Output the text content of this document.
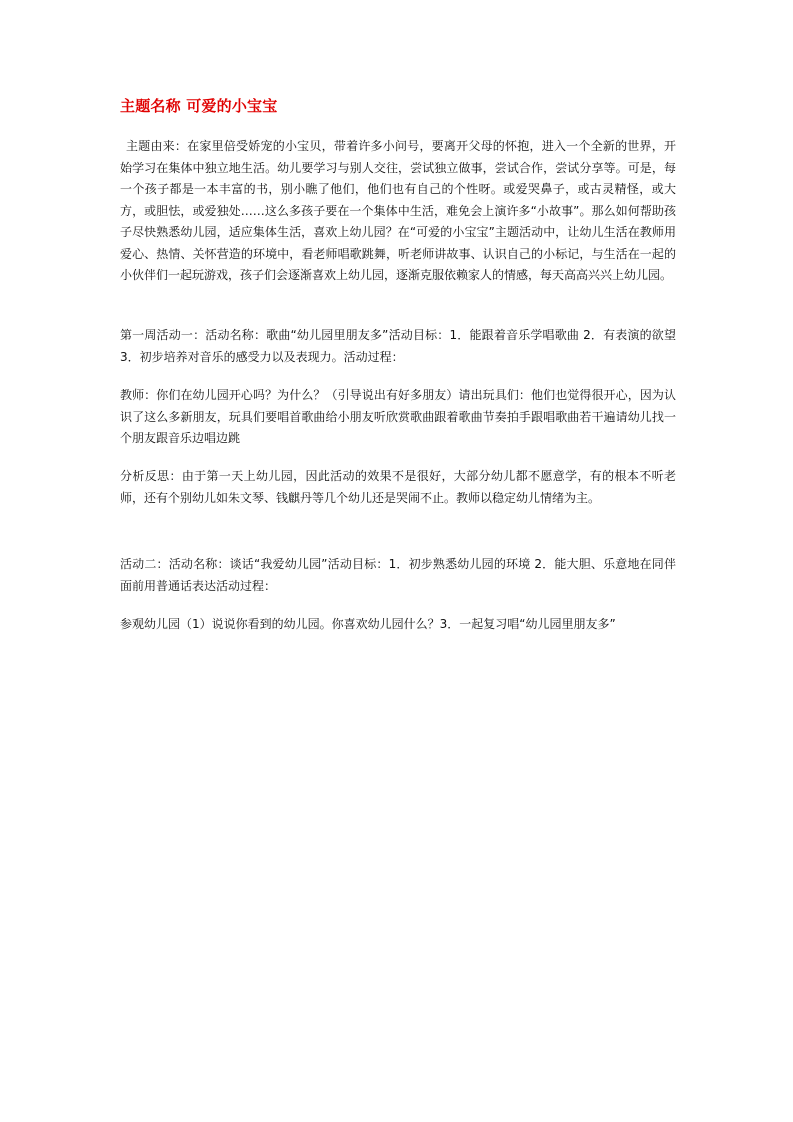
主题名称 可爱的小宝宝

主题由来：在家里倍受娇宠的小宝贝，带着许多小问号，要离开父母的怀抱，进入一个全新的世界，开始学习在集体中独立地生活。幼儿要学习与别人交往，尝试独立做事，尝试合作，尝试分享等。可是，每一个孩子都是一本丰富的书，别小瞧了他们，他们也有自己的个性呀。或爱哭鼻子，或古灵精怪，或大方，或胆怯，或爱独处……这么多孩子要在一个集体中生活，难免会上演许多“小故事”。那么如何帮助孩子尽快熟悉幼儿园，适应集体生活，喜欢上幼儿园？在“可爱的小宝宝”主题活动中，让幼儿生活在教师用爱心、热情、关怀营造的环境中，看老师唱歌跳舞，听老师讲故事、认识自己的小标记，与生活在一起的小伙伴们一起玩游戏，孩子们会逐渐喜欢上幼儿园，逐渐克服依赖家人的情感，每天高高兴兴上幼儿园。

第一周活动一：活动名称：歌曲“幼儿园里朋友多”活动目标：1．能跟着音乐学唱歌曲 2．有表演的欲望 3．初步培养对音乐的感受力以及表现力。活动过程：

教师：你们在幼儿园开心吗？为什么？（引导说出有好多朋友）请出玩具们：他们也觉得很开心，因为认识了这么多新朋友，玩具们要唱首歌曲给小朋友听欣赏歌曲跟着歌曲节奏拍手跟唱歌曲若干遍请幼儿找一个朋友跟音乐边唱边跳

分析反思：由于第一天上幼儿园，因此活动的效果不是很好，大部分幼儿都不愿意学，有的根本不听老师，还有个别幼儿如朱文琴、钱麒丹等几个幼儿还是哭闹不止。教师以稳定幼儿情绪为主。

活动二：活动名称：谈话“我爱幼儿园”活动目标：1．初步熟悉幼儿园的环境 2．能大胆、乐意地在同伴面前用普通话表达活动过程：

参观幼儿园（1）说说你看到的幼儿园。你喜欢幼儿园什么？3．一起复习唱“幼儿园里朋友多”
